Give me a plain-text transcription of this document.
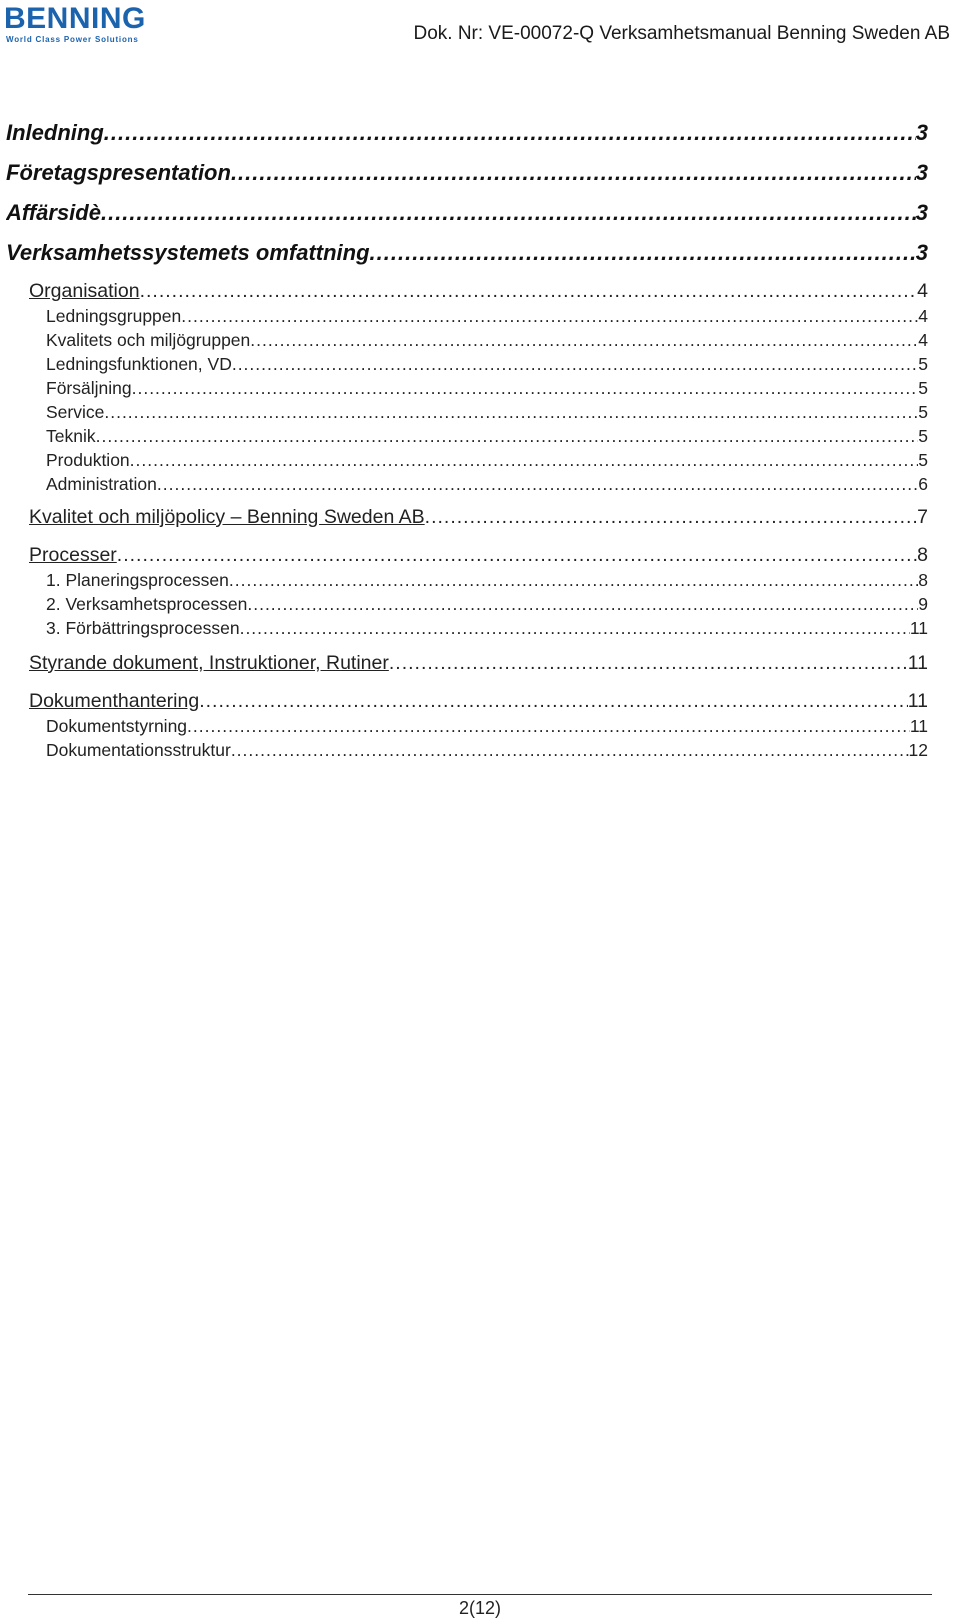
BENNING
World Class Power Solutions	Dok. Nr: VE-00072-Q Verksamhetsmanual Benning Sweden AB
Inledning .....	3
Företagspresentation .....	3
Affärsidè .....	3
Verksamhetssystemets omfattning .....	3
Organisation .....	4
Ledningsgruppen .....	4
Kvalitets och miljögruppen .....	4
Ledningsfunktionen, VD .....	5
Försäljning .....	5
Service .....	5
Teknik .....	5
Produktion .....	5
Administration .....	6
Kvalitet och miljöpolicy – Benning Sweden AB .....	7
Processer .....	8
1. Planeringsprocessen .....	8
2. Verksamhetsprocessen .....	9
3. Förbättringsprocessen .....	11
Styrande dokument, Instruktioner, Rutiner .....	11
Dokumenthantering .....	11
Dokumentstyrning .....	11
Dokumentationsstruktur .....	12
2(12)
